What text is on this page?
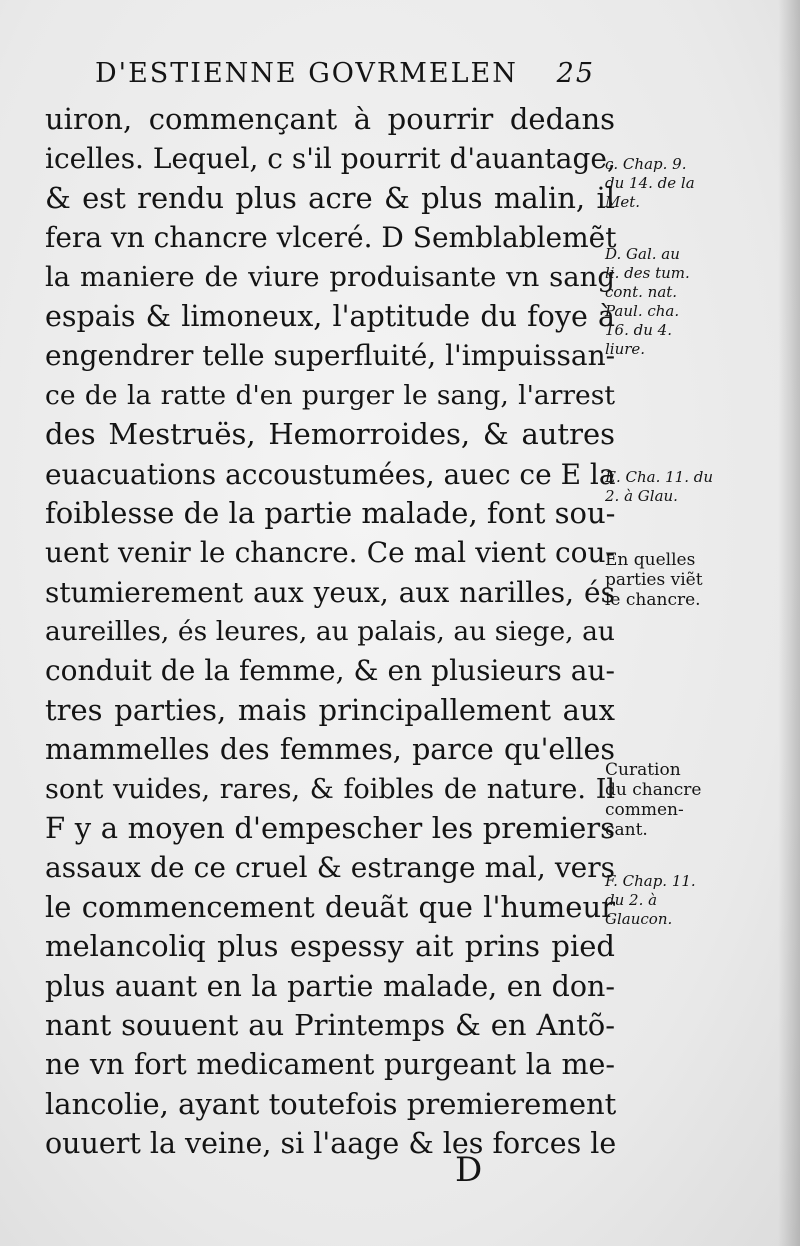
D'ESTIENNE GOVRMELEN 25
uiron, commençant à pourrir dedans
icelles. Lequel, c s'il pourrit d'auantage,
& est rendu plus acre & plus malin, il
fera vn chancre vlceré. D Semblablemẽt
la maniere de viure produisante vn sang
espais & limoneux, l'aptitude du foye à
engendrer telle superfluité, l'impuissan-
ce de la ratte d'en purger le sang, l'arrest
des Mestruës, Hemorroides, & autres
euacuations accoustumées, auec ce E la
foiblesse de la partie malade, font sou-
uent venir le chancre. Ce mal vient cou-
stumierement aux yeux, aux narilles, és
aureilles, és leures, au palais, au siege, au
conduit de la femme, & en plusieurs au-
tres parties, mais principallement aux
mammelles des femmes, parce qu'elles
sont vuides, rares, & foibles de nature. Il
F y a moyen d'empescher les premiers
assaux de ce cruel & estrange mal, vers
le commencement deuãt que l'humeur
melancoliq plus espessy ait prins pied
plus auant en la partie malade, en don-
nant souuent au Printemps & en Antõ-
ne vn fort medicament purgeant la me-
lancolie, ayant toutefois premierement
ouuert la veine, si l'aage & les forces le
c. Chap. 9.
du 14. de la
Met.
D. Gal. au
li. des tum.
cont. nat.
Paul. cha.
16. du 4.
liure.
E. Cha. 11. du
2. à Glau.
En quelles
parties viẽt
le chancre.
Curation
du chancre
commen-
çant.
F. Chap. 11.
du 2. à
Glaucon.
D
